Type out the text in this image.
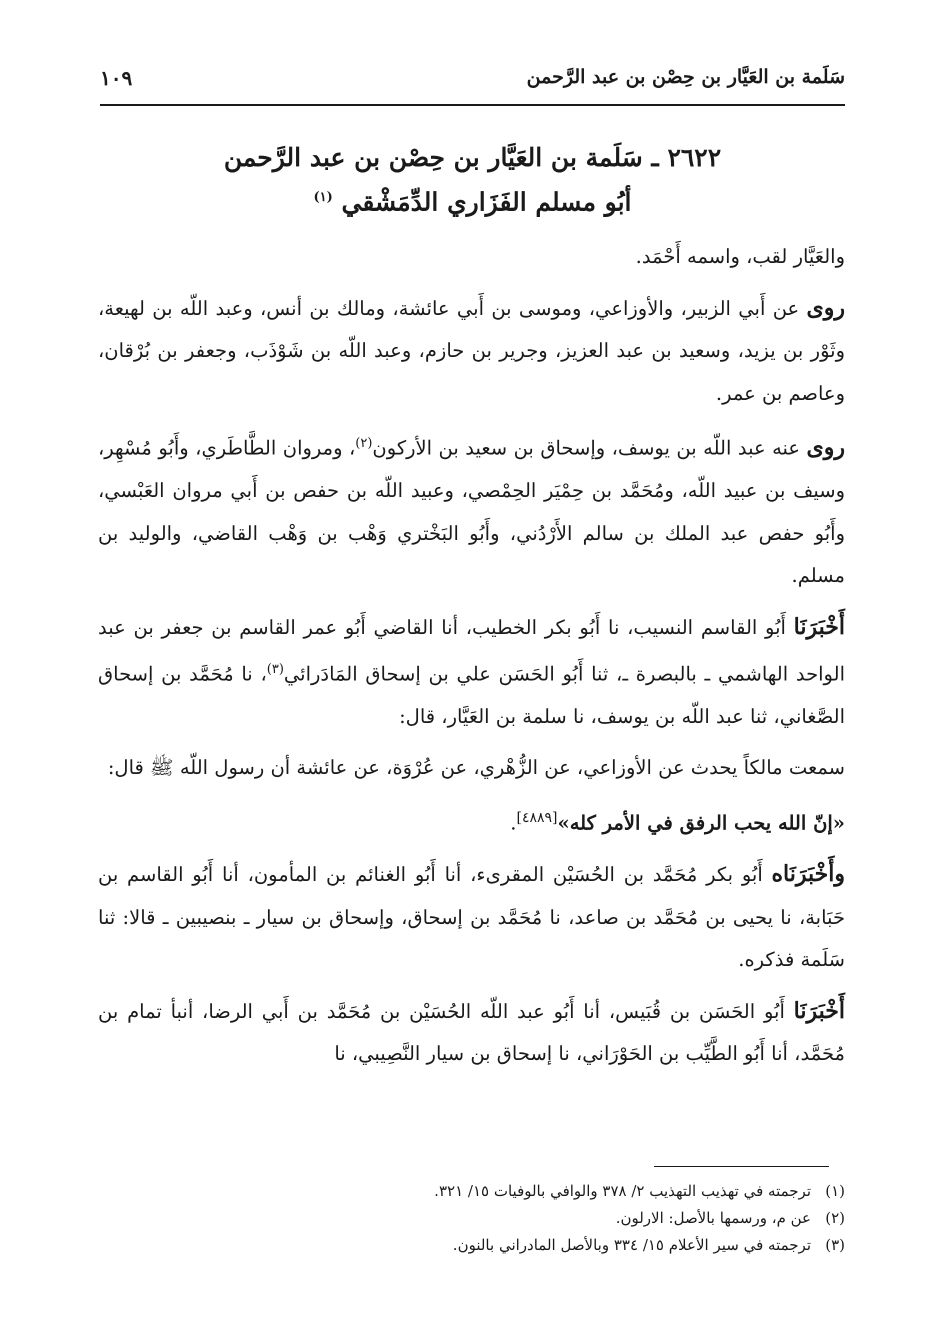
سَلَمة بن العَيَّار بن حِصْن بن عبد الرَّحمن
١٠٩
٢٦٢٢ ـ سَلَمة بن العَيَّار بن حِصْن بن عبد الرَّحمن
أبُو مسلم الفَزَاري الدِّمَشْقي $^{(١)}$

والعَيَّار لقب، واسمه أَحْمَد.

روى عن أَبي الزبير، والأوزاعي، وموسى بن أَبي عائشة، ومالك بن أنس، وعبد اللّه بن لهيعة، وثَوْر بن يزيد، وسعيد بن عبد العزيز، وجرير بن حازم، وعبد اللّه بن شَوْذَب، وجعفر بن بُرْقان، وعاصم بن عمر.

روى عنه عبد اللّه بن يوسف، وإسحاق بن سعيد بن الأركون$^{(٢)}$، ومروان الطَّاطَري، وأَبُو مُسْهِر، وسيف بن عبيد اللّه، ومُحَمَّد بن حِمْيَر الحِمْصي، وعبيد اللّه بن حفص بن أَبي مروان العَبْسي، وأَبُو حفص عبد الملك بن سالم الأَرْدُني، وأَبُو البَخْتري وَهْب بن وَهْب القاضي، والوليد بن مسلم.

أَخْبَرَنَا أَبُو القاسم النسيب، نا أَبُو بكر الخطيب، أنا القاضي أَبُو عمر القاسم بن جعفر بن عبد الواحد الهاشمي ـ بالبصرة ـ، ثنا أَبُو الحَسَن علي بن إسحاق المَادَرائي$^{(٣)}$، نا مُحَمَّد بن إسحاق الصَّغاني، ثنا عبد اللّه بن يوسف، نا سلمة بن العَيَّار، قال:

سمعت مالكاً يحدث عن الأوزاعي، عن الزُّهْري، عن عُرْوَة، عن عائشة أن رسول اللّه ﷺ قال:

«إنّ الله يحب الرفق في الأمر كله»[٤٨٨٩].

وأَخْبَرَنَاه أَبُو بكر مُحَمَّد بن الحُسَيْن المقرىء، أنا أَبُو الغنائم بن المأمون، أنا أَبُو القاسم بن حَبَابة، نا يحيى بن مُحَمَّد بن صاعد، نا مُحَمَّد بن إسحاق، وإسحاق بن سيار ـ بنصيبين ـ قالا: ثنا سَلَمة فذكره.

أَخْبَرَنَا أَبُو الحَسَن بن قُبَيس، أنا أَبُو عبد اللّه الحُسَيْن بن مُحَمَّد بن أَبي الرضا، أنبأ تمام بن مُحَمَّد، أنا أَبُو الطَّيِّب بن الحَوْرَاني، نا إسحاق بن سيار النَّصِيبي، نا

(١)ترجمته في تهذيب التهذيب ٢/ ٣٧٨ والوافي بالوفيات ١٥/ ٣٢١.
(٢)عن م، ورسمها بالأصل: الارلون.
(٣)ترجمته في سير الأعلام ١٥/ ٣٣٤ وبالأصل المادراني بالنون.
